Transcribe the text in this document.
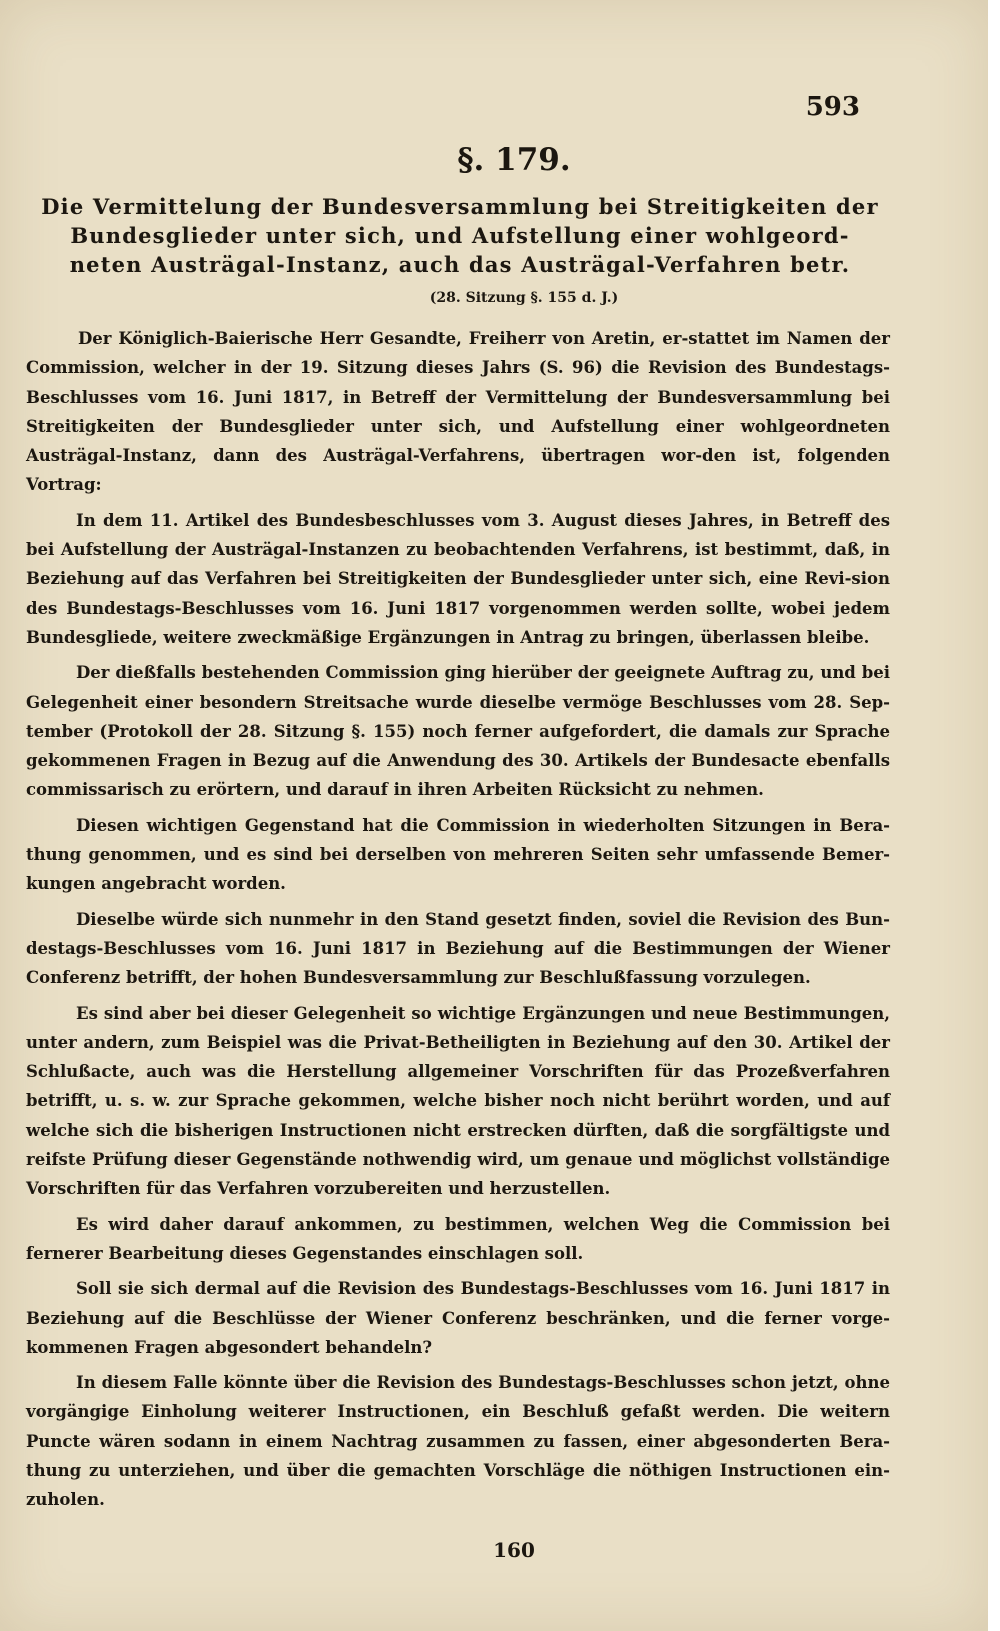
593
§. 179.
Die Vermittelung der Bundesversammlung bei Streitigkeiten der
Bundesglieder unter sich, und Aufstellung einer wohlgeord-
neten Austrägal-Instanz, auch das Austrägal-Verfahren betr.
(28. Sitzung §. 155 d. J.)

Der Königlich-Baierische Herr Gesandte, Freiherr von Aretin, er-stattet im Namen der Commission, welcher in der 19. Sitzung dieses Jahrs (S. 96) die Revision des Bundestags-Beschlusses vom 16. Juni 1817, in Betreff der Vermittelung der Bundesversammlung bei Streitigkeiten der Bundesglieder unter sich, und Aufstellung einer wohlgeordneten Austrägal-Instanz, dann des Austrägal-Verfahrens, übertragen wor-den ist, folgenden Vortrag:

In dem 11. Artikel des Bundesbeschlusses vom 3. August dieses Jahres, in Betreff des bei Aufstellung der Austrägal-Instanzen zu beobachtenden Verfahrens, ist bestimmt, daß, in Beziehung auf das Verfahren bei Streitigkeiten der Bundesglieder unter sich, eine Revi-sion des Bundestags-Beschlusses vom 16. Juni 1817 vorgenommen werden sollte, wobei jedem Bundesgliede, weitere zweckmäßige Ergänzungen in Antrag zu bringen, überlassen bleibe.

Der dießfalls bestehenden Commission ging hierüber der geeignete Auftrag zu, und bei Gelegenheit einer besondern Streitsache wurde dieselbe vermöge Beschlusses vom 28. Sep-tember (Protokoll der 28. Sitzung §. 155) noch ferner aufgefordert, die damals zur Sprache gekommenen Fragen in Bezug auf die Anwendung des 30. Artikels der Bundesacte ebenfalls commissarisch zu erörtern, und darauf in ihren Arbeiten Rücksicht zu nehmen.

Diesen wichtigen Gegenstand hat die Commission in wiederholten Sitzungen in Bera-thung genommen, und es sind bei derselben von mehreren Seiten sehr umfassende Bemer-kungen angebracht worden.

Dieselbe würde sich nunmehr in den Stand gesetzt finden, soviel die Revision des Bun-destags-Beschlusses vom 16. Juni 1817 in Beziehung auf die Bestimmungen der Wiener Conferenz betrifft, der hohen Bundesversammlung zur Beschlußfassung vorzulegen.

Es sind aber bei dieser Gelegenheit so wichtige Ergänzungen und neue Bestimmungen, unter andern, zum Beispiel was die Privat-Betheiligten in Beziehung auf den 30. Artikel der Schlußacte, auch was die Herstellung allgemeiner Vorschriften für das Prozeßverfahren betrifft, u. s. w. zur Sprache gekommen, welche bisher noch nicht berührt worden, und auf welche sich die bisherigen Instructionen nicht erstrecken dürften, daß die sorgfältigste und reifste Prüfung dieser Gegenstände nothwendig wird, um genaue und möglichst vollständige Vorschriften für das Verfahren vorzubereiten und herzustellen.

Es wird daher darauf ankommen, zu bestimmen, welchen Weg die Commission bei fernerer Bearbeitung dieses Gegenstandes einschlagen soll.

Soll sie sich dermal auf die Revision des Bundestags-Beschlusses vom 16. Juni 1817 in Beziehung auf die Beschlüsse der Wiener Conferenz beschränken, und die ferner vorge-kommenen Fragen abgesondert behandeln?

In diesem Falle könnte über die Revision des Bundestags-Beschlusses schon jetzt, ohne vorgängige Einholung weiterer Instructionen, ein Beschluß gefaßt werden. Die weitern Puncte wären sodann in einem Nachtrag zusammen zu fassen, einer abgesonderten Bera-thung zu unterziehen, und über die gemachten Vorschläge die nöthigen Instructionen ein-zuholen.

160
